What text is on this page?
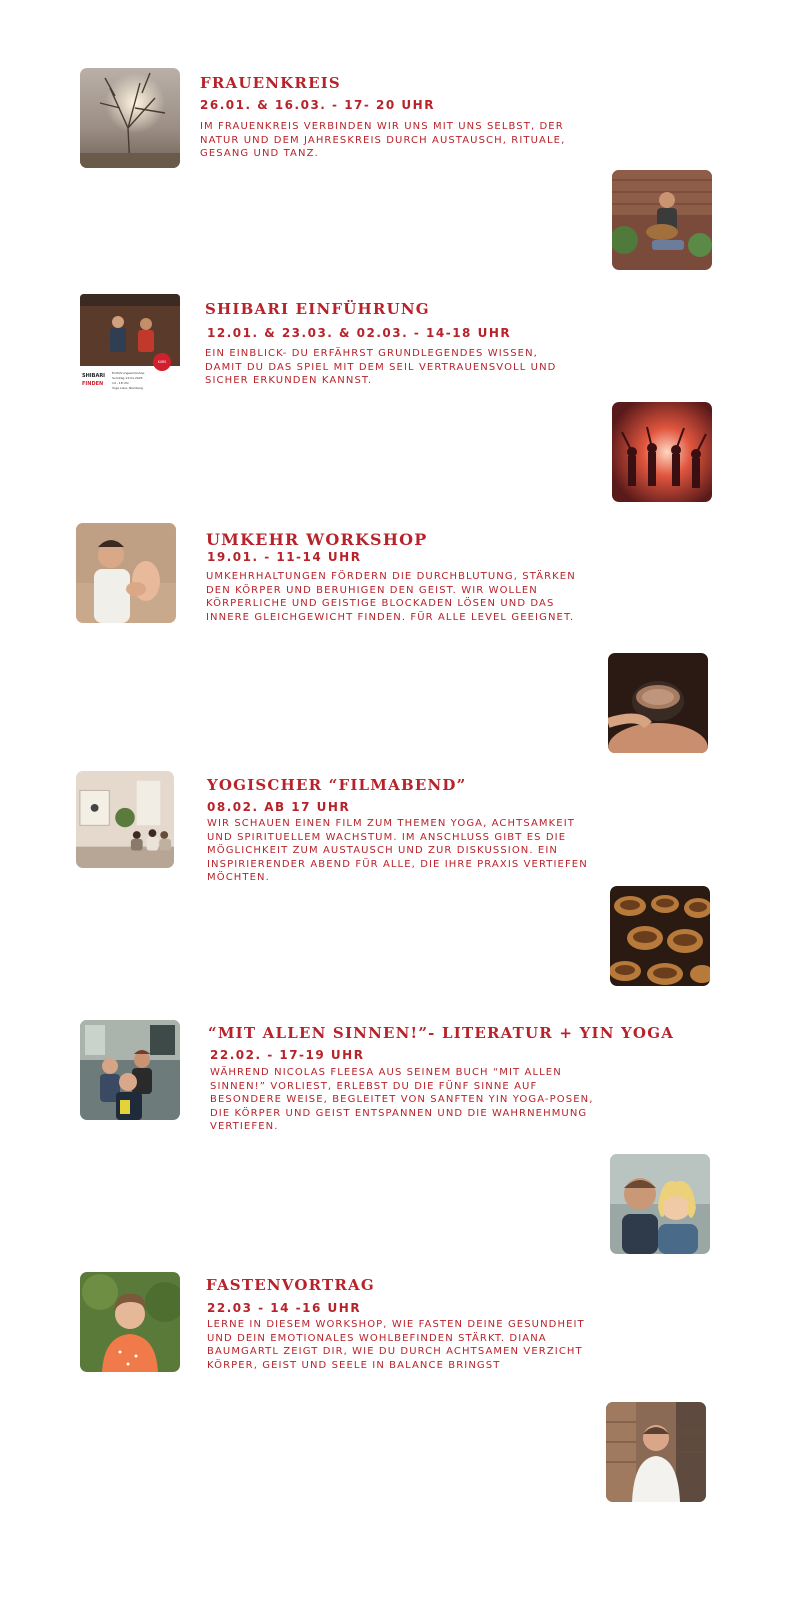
FRAUENKREIS
26.01. & 16.03. - 17- 20 UHR
IM FRAUENKREIS VERBINDEN WIR UNS MIT UNS SELBST, DER
NATUR UND DEM JAHRESKREIS DURCH AUSTAUSCH, RITUALE,
GESANG UND TANZ.
KURS
SHIBARI
FINDEN
Einführungsworkshop
Sonntag 12.01.2025
14 - 18 Uhr
Yoga Loka, Nürnberg
SHIBARI EINFÜHRUNG
12.01. & 23.03. & 02.03. - 14-18 UHR
EIN EINBLICK- DU ERFÄHRST GRUNDLEGENDES WISSEN,
DAMIT DU DAS SPIEL MIT DEM SEIL VERTRAUENSVOLL UND
SICHER ERKUNDEN KANNST.
UMKEHR WORKSHOP
19.01. - 11-14 UHR
UMKEHRHALTUNGEN FÖRDERN DIE DURCHBLUTUNG, STÄRKEN
DEN KÖRPER UND BERUHIGEN DEN GEIST. WIR WOLLEN
KÖRPERLICHE UND GEISTIGE BLOCKADEN LÖSEN UND DAS
INNERE GLEICHGEWICHT FINDEN. FÜR ALLE LEVEL GEEIGNET.
YOGISCHER “FILMABEND”
08.02. AB 17 UHR
WIR SCHAUEN EINEN FILM ZUM THEMEN YOGA, ACHTSAMKEIT
UND SPIRITUELLEM WACHSTUM. IM ANSCHLUSS GIBT ES DIE
MÖGLICHKEIT ZUM AUSTAUSCH UND ZUR DISKUSSION. EIN
INSPIRIERENDER ABEND FÜR ALLE, DIE IHRE PRAXIS VERTIEFEN
MÖCHTEN.
“MIT ALLEN SINNEN!”- LITERATUR + YIN YOGA
22.02. - 17-19 UHR
WÄHREND NICOLAS FLEESA AUS SEINEM BUCH “MIT ALLEN
SINNEN!” VORLIEST, ERLEBST DU DIE FÜNF SINNE AUF
BESONDERE WEISE, BEGLEITET VON SANFTEN YIN YOGA-POSEN,
DIE KÖRPER UND GEIST ENTSPANNEN UND DIE WAHRNEHMUNG
VERTIEFEN.
FASTENVORTRAG
22.03 - 14 -16 UHR
LERNE IN DIESEM WORKSHOP, WIE FASTEN DEINE GESUNDHEIT
UND DEIN EMOTIONALES WOHLBEFINDEN STÄRKT. DIANA
BAUMGARTL ZEIGT DIR, WIE DU DURCH ACHTSAMEN VERZICHT
KÖRPER, GEIST UND SEELE IN BALANCE BRINGST
